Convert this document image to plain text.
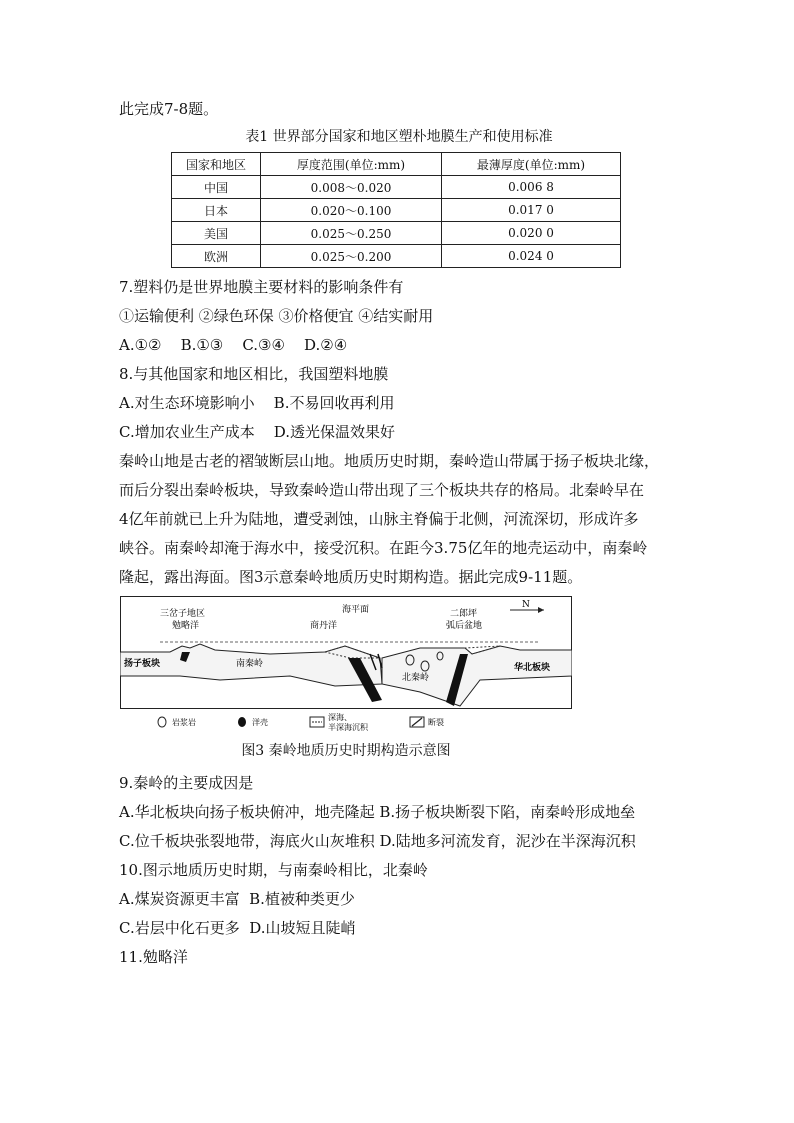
此完成7-8题。

表1 世界部分国家和地区塑朴地膜生产和使用标准
国家和地区	厚度范围(单位:mm)	最薄厚度(单位:mm)
中国	0.008～0.020	0.006 8
日本	0.020～0.100	0.017 0
美国	0.025～0.250	0.020 0
欧洲	0.025～0.200	0.024 0

7.塑料仍是世界地膜主要材料的影响条件有

①运输便利 ②绿色环保 ③价格便宜 ④结实耐用

A.①②    B.①③    C.③④    D.②④

8.与其他国家和地区相比，我国塑料地膜

A.对生态环境影响小    B.不易回收再利用

C.增加农业生产成本    D.透光保温效果好

秦岭山地是古老的褶皱断层山地。地质历史时期，秦岭造山带属于扬子板块北缘，

而后分裂出秦岭板块，导致秦岭造山带出现了三个板块共存的格局。北秦岭早在

4亿年前就已上升为陆地，遭受剥蚀，山脉主脊偏于北侧，河流深切，形成许多

峡谷。南秦岭却淹于海水中，接受沉积。在距今3.75亿年的地壳运动中，南秦岭

隆起，露出海面。图3示意秦岭地质历史时期构造。据此完成9-11题。

N
三岔子地区
勉略洋
海平面
商丹洋
二郎坪
弧后盆地
扬子板块	南秦岭
北秦岭
华北板块
岩浆岩	洋壳
深海、
半深海沉积
断裂
图3 秦岭地质历史时期构造示意图

9.秦岭的主要成因是

A.华北板块向扬子板块俯冲，地壳隆起 B.扬子板块断裂下陷，南秦岭形成地垒

C.位千板块张裂地带，海底火山灰堆积 D.陆地多河流发育，泥沙在半深海沉积

10.图示地质历史时期，与南秦岭相比，北秦岭

A.煤炭资源更丰富  B.植被种类更少

C.岩层中化石更多  D.山坡短且陡峭

11.勉略洋
